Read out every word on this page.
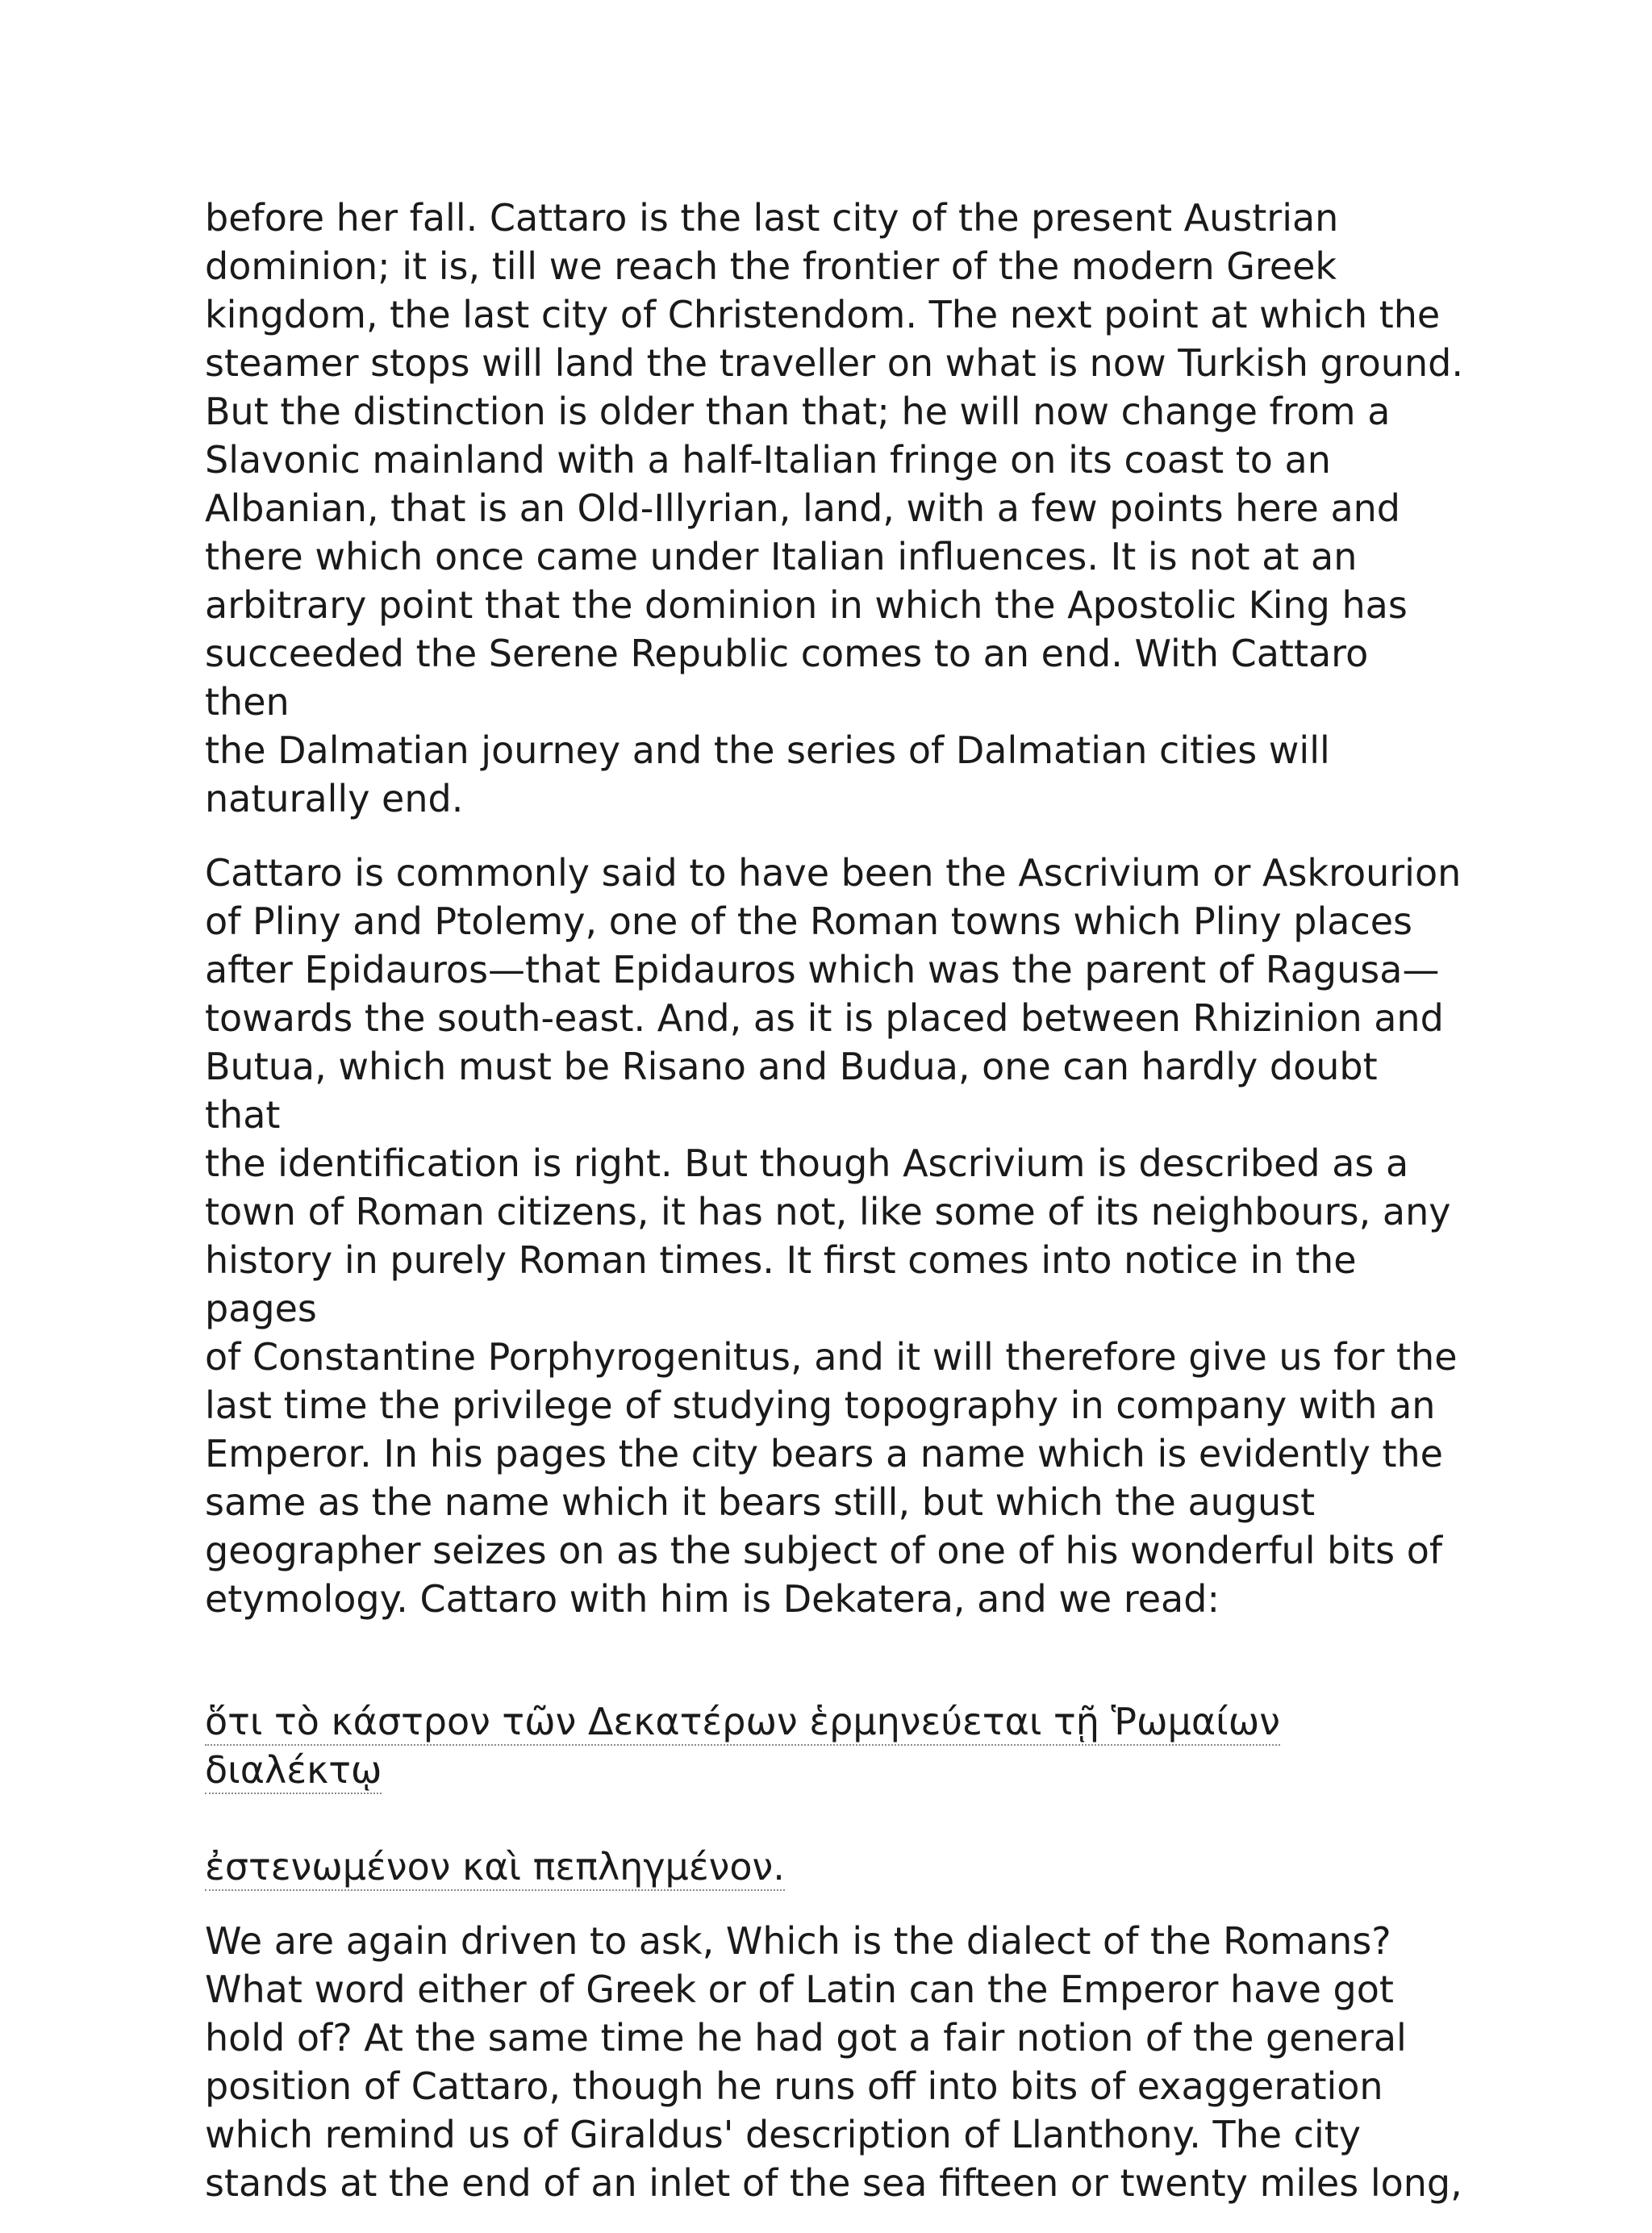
before her fall. Cattaro is the last city of the present Austrian
dominion; it is, till we reach the frontier of the modern Greek
kingdom, the last city of Christendom. The next point at which the
steamer stops will land the traveller on what is now Turkish ground.
But the distinction is older than that; he will now change from a
Slavonic mainland with a half-Italian fringe on its coast to an
Albanian, that is an Old-Illyrian, land, with a few points here and
there which once came under Italian influences. It is not at an
arbitrary point that the dominion in which the Apostolic King has
succeeded the Serene Republic comes to an end. With Cattaro then
the Dalmatian journey and the series of Dalmatian cities will
naturally end.

Cattaro is commonly said to have been the Ascrivium or Askrourion
of Pliny and Ptolemy, one of the Roman towns which Pliny places
after Epidauros—that Epidauros which was the parent of Ragusa—
towards the south-east. And, as it is placed between Rhizinion and
Butua, which must be Risano and Budua, one can hardly doubt that
the identification is right. But though Ascrivium is described as a
town of Roman citizens, it has not, like some of its neighbours, any
history in purely Roman times. It first comes into notice in the pages
of Constantine Porphyrogenitus, and it will therefore give us for the
last time the privilege of studying topography in company with an
Emperor. In his pages the city bears a name which is evidently the
same as the name which it bears still, but which the august
geographer seizes on as the subject of one of his wonderful bits of
etymology. Cattaro with him is Dekatera, and we read:

ὅτι τὸ κάστρον τῶν Δεκατέρων ἑρμηνεύεται τῇ Ῥωμαίων διαλέκτῳ

ἐστενωμένον καὶ πεπληγμένον.

We are again driven to ask, Which is the dialect of the Romans?
What word either of Greek or of Latin can the Emperor have got
hold of? At the same time he had got a fair notion of the general
position of Cattaro, though he runs off into bits of exaggeration
which remind us of Giraldus' description of Llanthony. The city
stands at the end of an inlet of the sea fifteen or twenty miles long,
